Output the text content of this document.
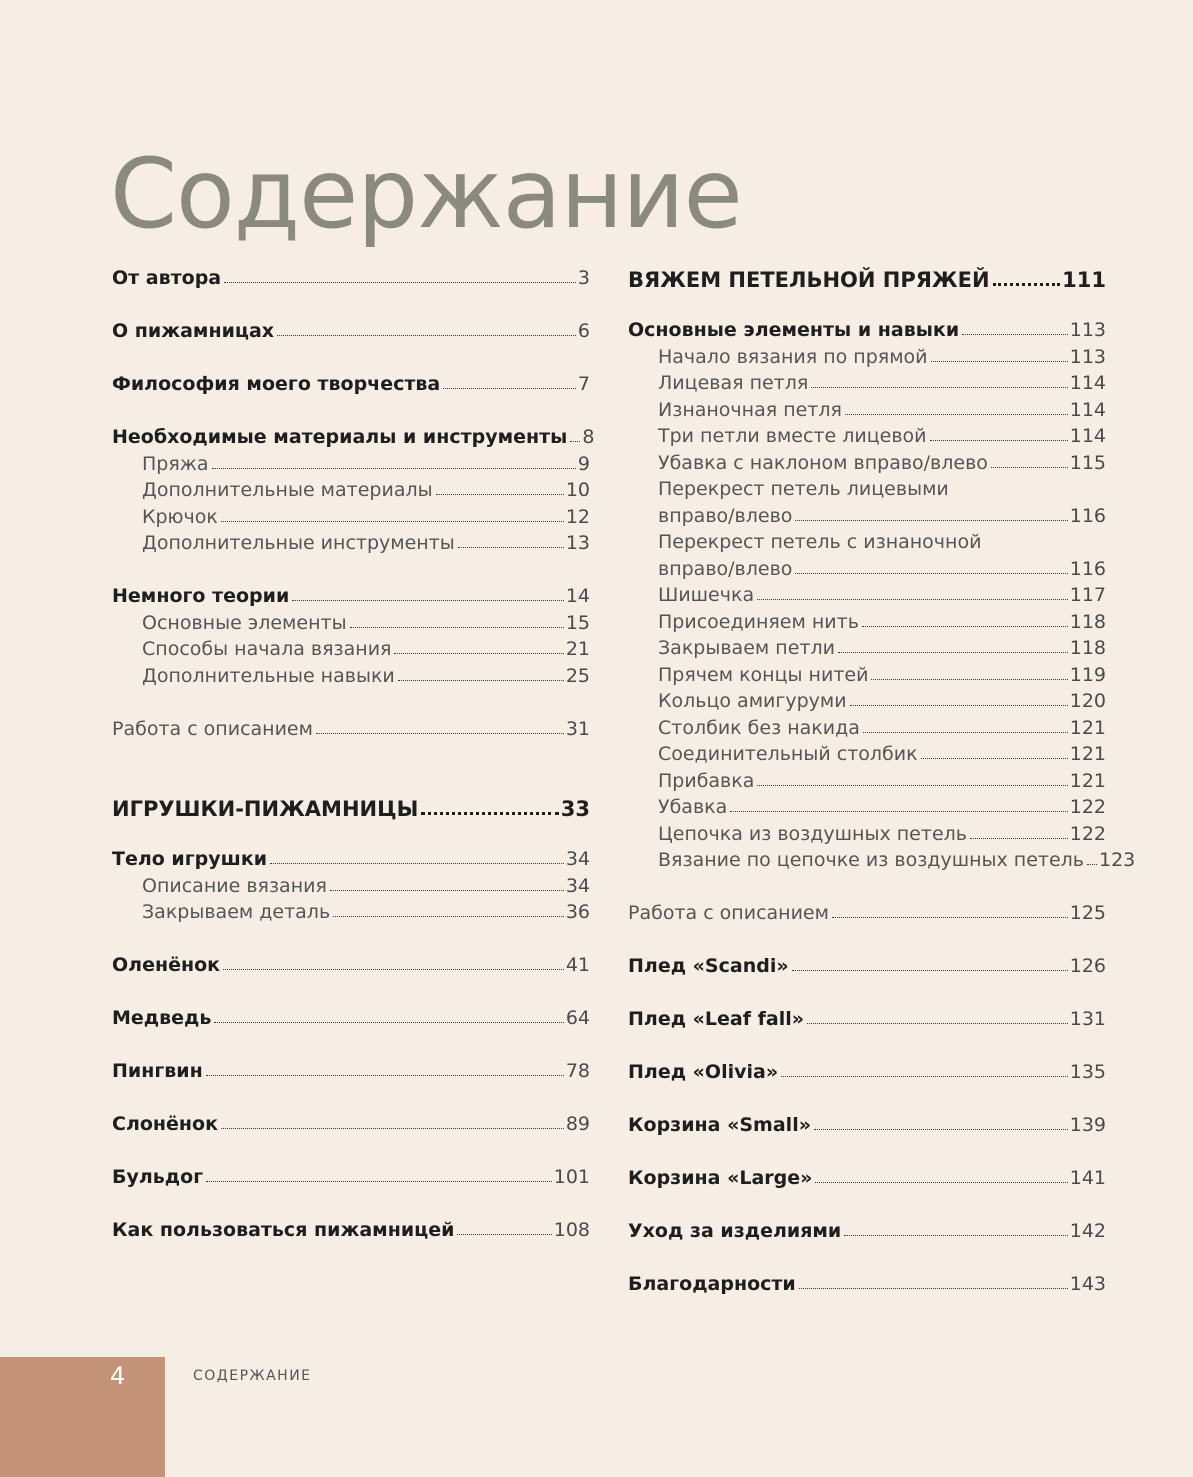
Содержание
От автора	3
О пижамницах	6
Философия моего творчества	7
Необходимые материалы и инструменты 8
Пряжа	9
Дополнительные материалы	10
Крючок	12
Дополнительные инструменты	13
Немного теории	14
Основные элементы	15
Способы начала вязания	21
Дополнительные навыки	25
Работа с описанием	31
ИГРУШКИ-ПИЖАМНИЦЫ	33
Тело игрушки	34
Описание вязания	34
Закрываем деталь	36
Оленёнок	41
Медведь	64
Пингвин	78
Слонёнок	89
Бульдог	101
Как пользоваться пижамницей	108
ВЯЖЕМ ПЕТЕЛЬНОЙ ПРЯЖЕЙ	111
Основные элементы и навыки	113
Начало вязания по прямой	113
Лицевая петля	114
Изнаночная петля	114
Три петли вместе лицевой	114
Убавка с наклоном вправо/влево	115
Перекрест петель лицевыми
вправо/влево	116
Перекрест петель с изнаночной
вправо/влево	116
Шишечка	117
Присоединяем нить	118
Закрываем петли	118
Прячем концы нитей	119
Кольцо амигуруми	120
Столбик без накида	121
Соединительный столбик	121
Прибавка	121
Убавка	122
Цепочка из воздушных петель	122
Вязание по цепочке из воздушных петель 123
Работа с описанием	125
Плед «Scandi»	126
Плед «Leaf fall»	131
Плед «Olivia»	135
Корзина «Small»	139
Корзина «Large»	141
Уход за изделиями	142
Благодарности	143
4	СОДЕРЖАНИЕ
